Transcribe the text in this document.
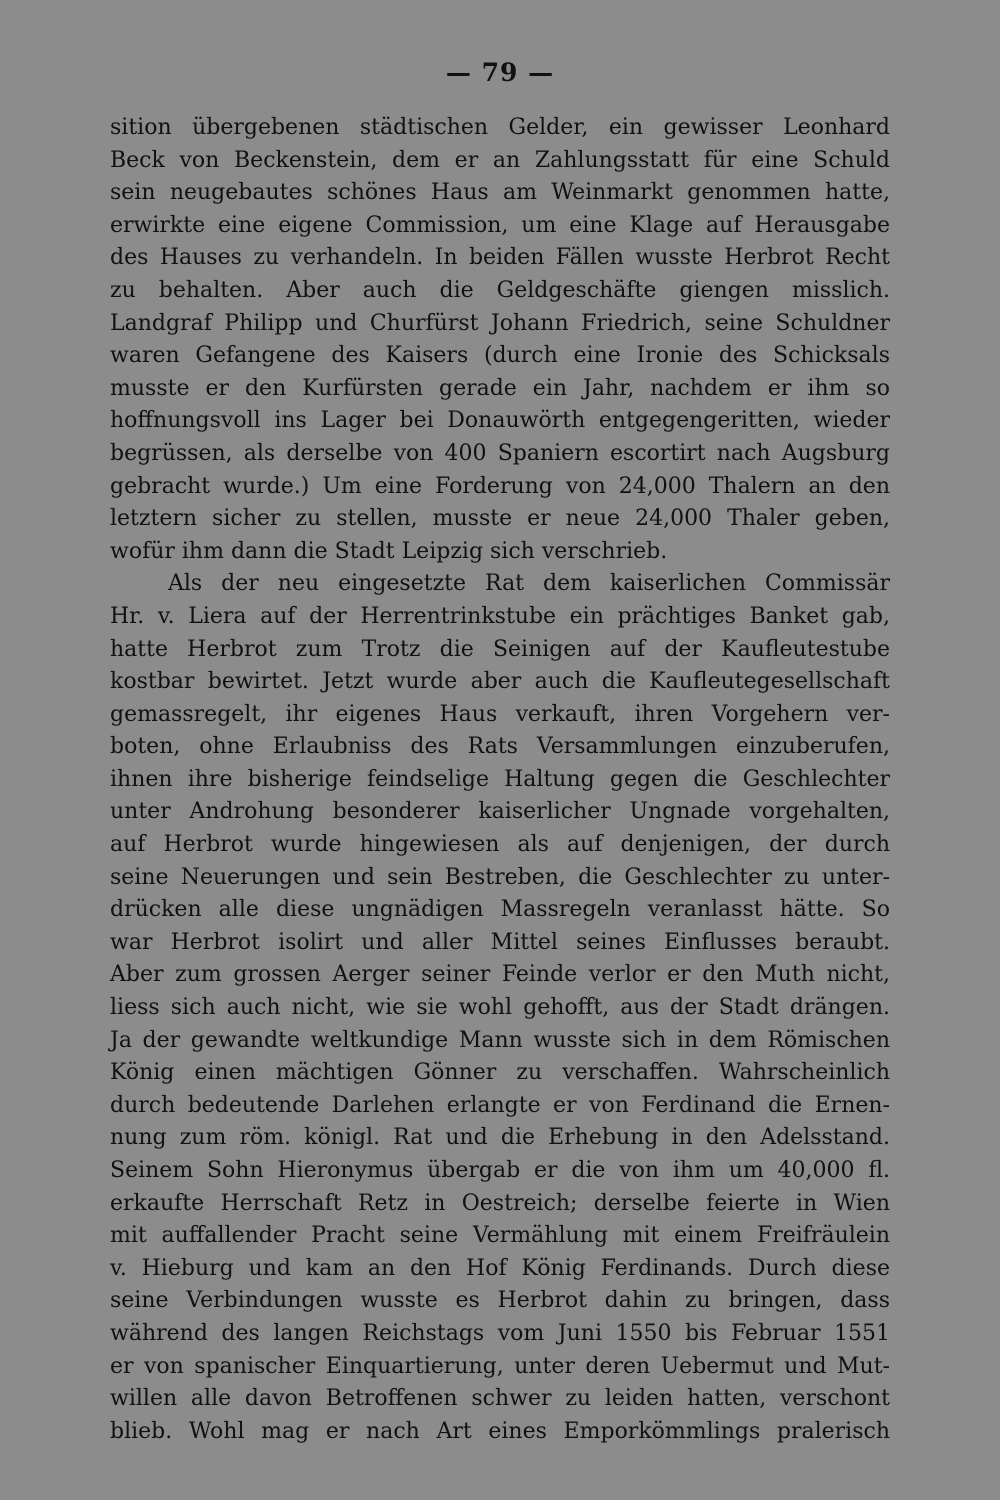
— 79 —
sition übergebenen städtischen Gelder, ein gewisser Leonhard
Beck von Beckenstein, dem er an Zahlungsstatt für eine Schuld
sein neugebautes schönes Haus am Weinmarkt genommen hatte,
erwirkte eine eigene Commission, um eine Klage auf Herausgabe
des Hauses zu verhandeln. In beiden Fällen wusste Herbrot Recht
zu behalten. Aber auch die Geldgeschäfte giengen misslich.
Landgraf Philipp und Churfürst Johann Friedrich, seine Schuldner
waren Gefangene des Kaisers (durch eine Ironie des Schicksals
musste er den Kurfürsten gerade ein Jahr, nachdem er ihm so
hoffnungsvoll ins Lager bei Donauwörth entgegengeritten, wieder
begrüssen, als derselbe von 400 Spaniern escortirt nach Augsburg
gebracht wurde.) Um eine Forderung von 24,000 Thalern an den
letztern sicher zu stellen, musste er neue 24,000 Thaler geben,
wofür ihm dann die Stadt Leipzig sich verschrieb.
Als der neu eingesetzte Rat dem kaiserlichen Commissär
Hr. v. Liera auf der Herrentrinkstube ein prächtiges Banket gab,
hatte Herbrot zum Trotz die Seinigen auf der Kaufleutestube
kostbar bewirtet. Jetzt wurde aber auch die Kaufleutegesellschaft
gemassregelt, ihr eigenes Haus verkauft, ihren Vorgehern ver-
boten, ohne Erlaubniss des Rats Versammlungen einzuberufen,
ihnen ihre bisherige feindselige Haltung gegen die Geschlechter
unter Androhung besonderer kaiserlicher Ungnade vorgehalten,
auf Herbrot wurde hingewiesen als auf denjenigen, der durch
seine Neuerungen und sein Bestreben, die Geschlechter zu unter-
drücken alle diese ungnädigen Massregeln veranlasst hätte. So
war Herbrot isolirt und aller Mittel seines Einflusses beraubt.
Aber zum grossen Aerger seiner Feinde verlor er den Muth nicht,
liess sich auch nicht, wie sie wohl gehofft, aus der Stadt drängen.
Ja der gewandte weltkundige Mann wusste sich in dem Römischen
König einen mächtigen Gönner zu verschaffen. Wahrscheinlich
durch bedeutende Darlehen erlangte er von Ferdinand die Ernen-
nung zum röm. königl. Rat und die Erhebung in den Adelsstand.
Seinem Sohn Hieronymus übergab er die von ihm um 40,000 fl.
erkaufte Herrschaft Retz in Oestreich; derselbe feierte in Wien
mit auffallender Pracht seine Vermählung mit einem Freifräulein
v. Hieburg und kam an den Hof König Ferdinands. Durch diese
seine Verbindungen wusste es Herbrot dahin zu bringen, dass
während des langen Reichstags vom Juni 1550 bis Februar 1551
er von spanischer Einquartierung, unter deren Uebermut und Mut-
willen alle davon Betroffenen schwer zu leiden hatten, verschont
blieb. Wohl mag er nach Art eines Emporkömmlings pralerisch
